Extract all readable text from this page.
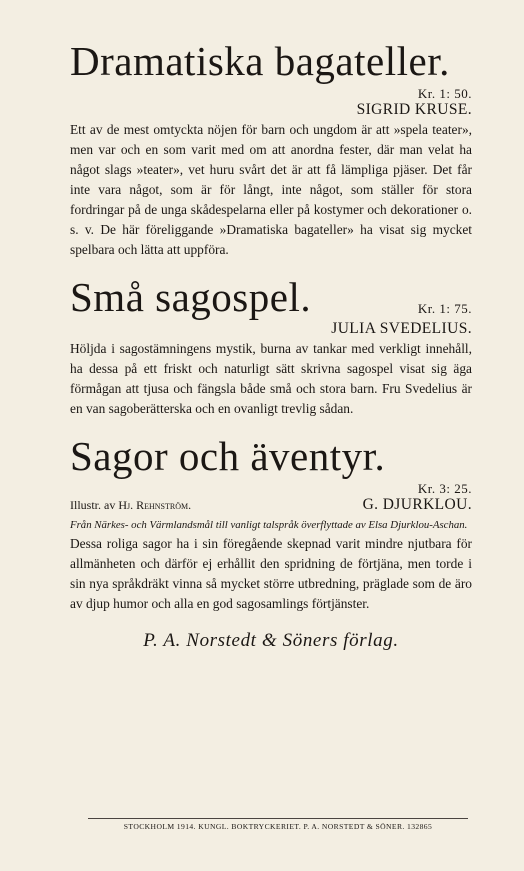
Dramatiska bagateller.
Kr. 1: 50.
SIGRID KRUSE.

Ett av de mest omtyckta nöjen för barn och ungdom är att »spela teater», men var och en som varit med om att anordna fester, där man velat ha något slags »teater», vet huru svårt det är att få lämpliga pjäser. Det får inte vara något, som är för långt, inte något, som ställer för stora fordringar på de unga skådespelarna eller på kostymer och dekorationer o. s. v. De här föreliggande »Dramatiska bagateller» ha visat sig mycket spelbara och lätta att uppföra.

Små sagospel.	Kr. 1: 75.
JULIA SVEDELIUS.

Höljda i sagostämningens mystik, burna av tankar med verkligt innehåll, ha dessa på ett friskt och naturligt sätt skrivna sagospel visat sig äga förmågan att tjusa och fängsla både små och stora barn. Fru Svedelius är en van sagoberätterska och en ovanligt trevlig sådan.

Sagor och äventyr.
Kr. 3: 25.
Illustr. av Hj. Rehnström.	G. DJURKLOU.
Från Närkes- och Värmlandsmål till vanligt talspråk överflyttade av Elsa Djurklou-Aschan.

Dessa roliga sagor ha i sin föregående skepnad varit mindre njutbara för allmänheten och därför ej erhållit den spridning de förtjäna, men torde i sin nya språkdräkt vinna så mycket större utbredning, präglade som de äro av djup humor och alla en god sagosamlings förtjänster.

P. A. Norstedt & Söners förlag.
STOCKHOLM 1914. KUNGL. BOKTRYCKERIET. P. A. NORSTEDT & SÖNER. 132865
